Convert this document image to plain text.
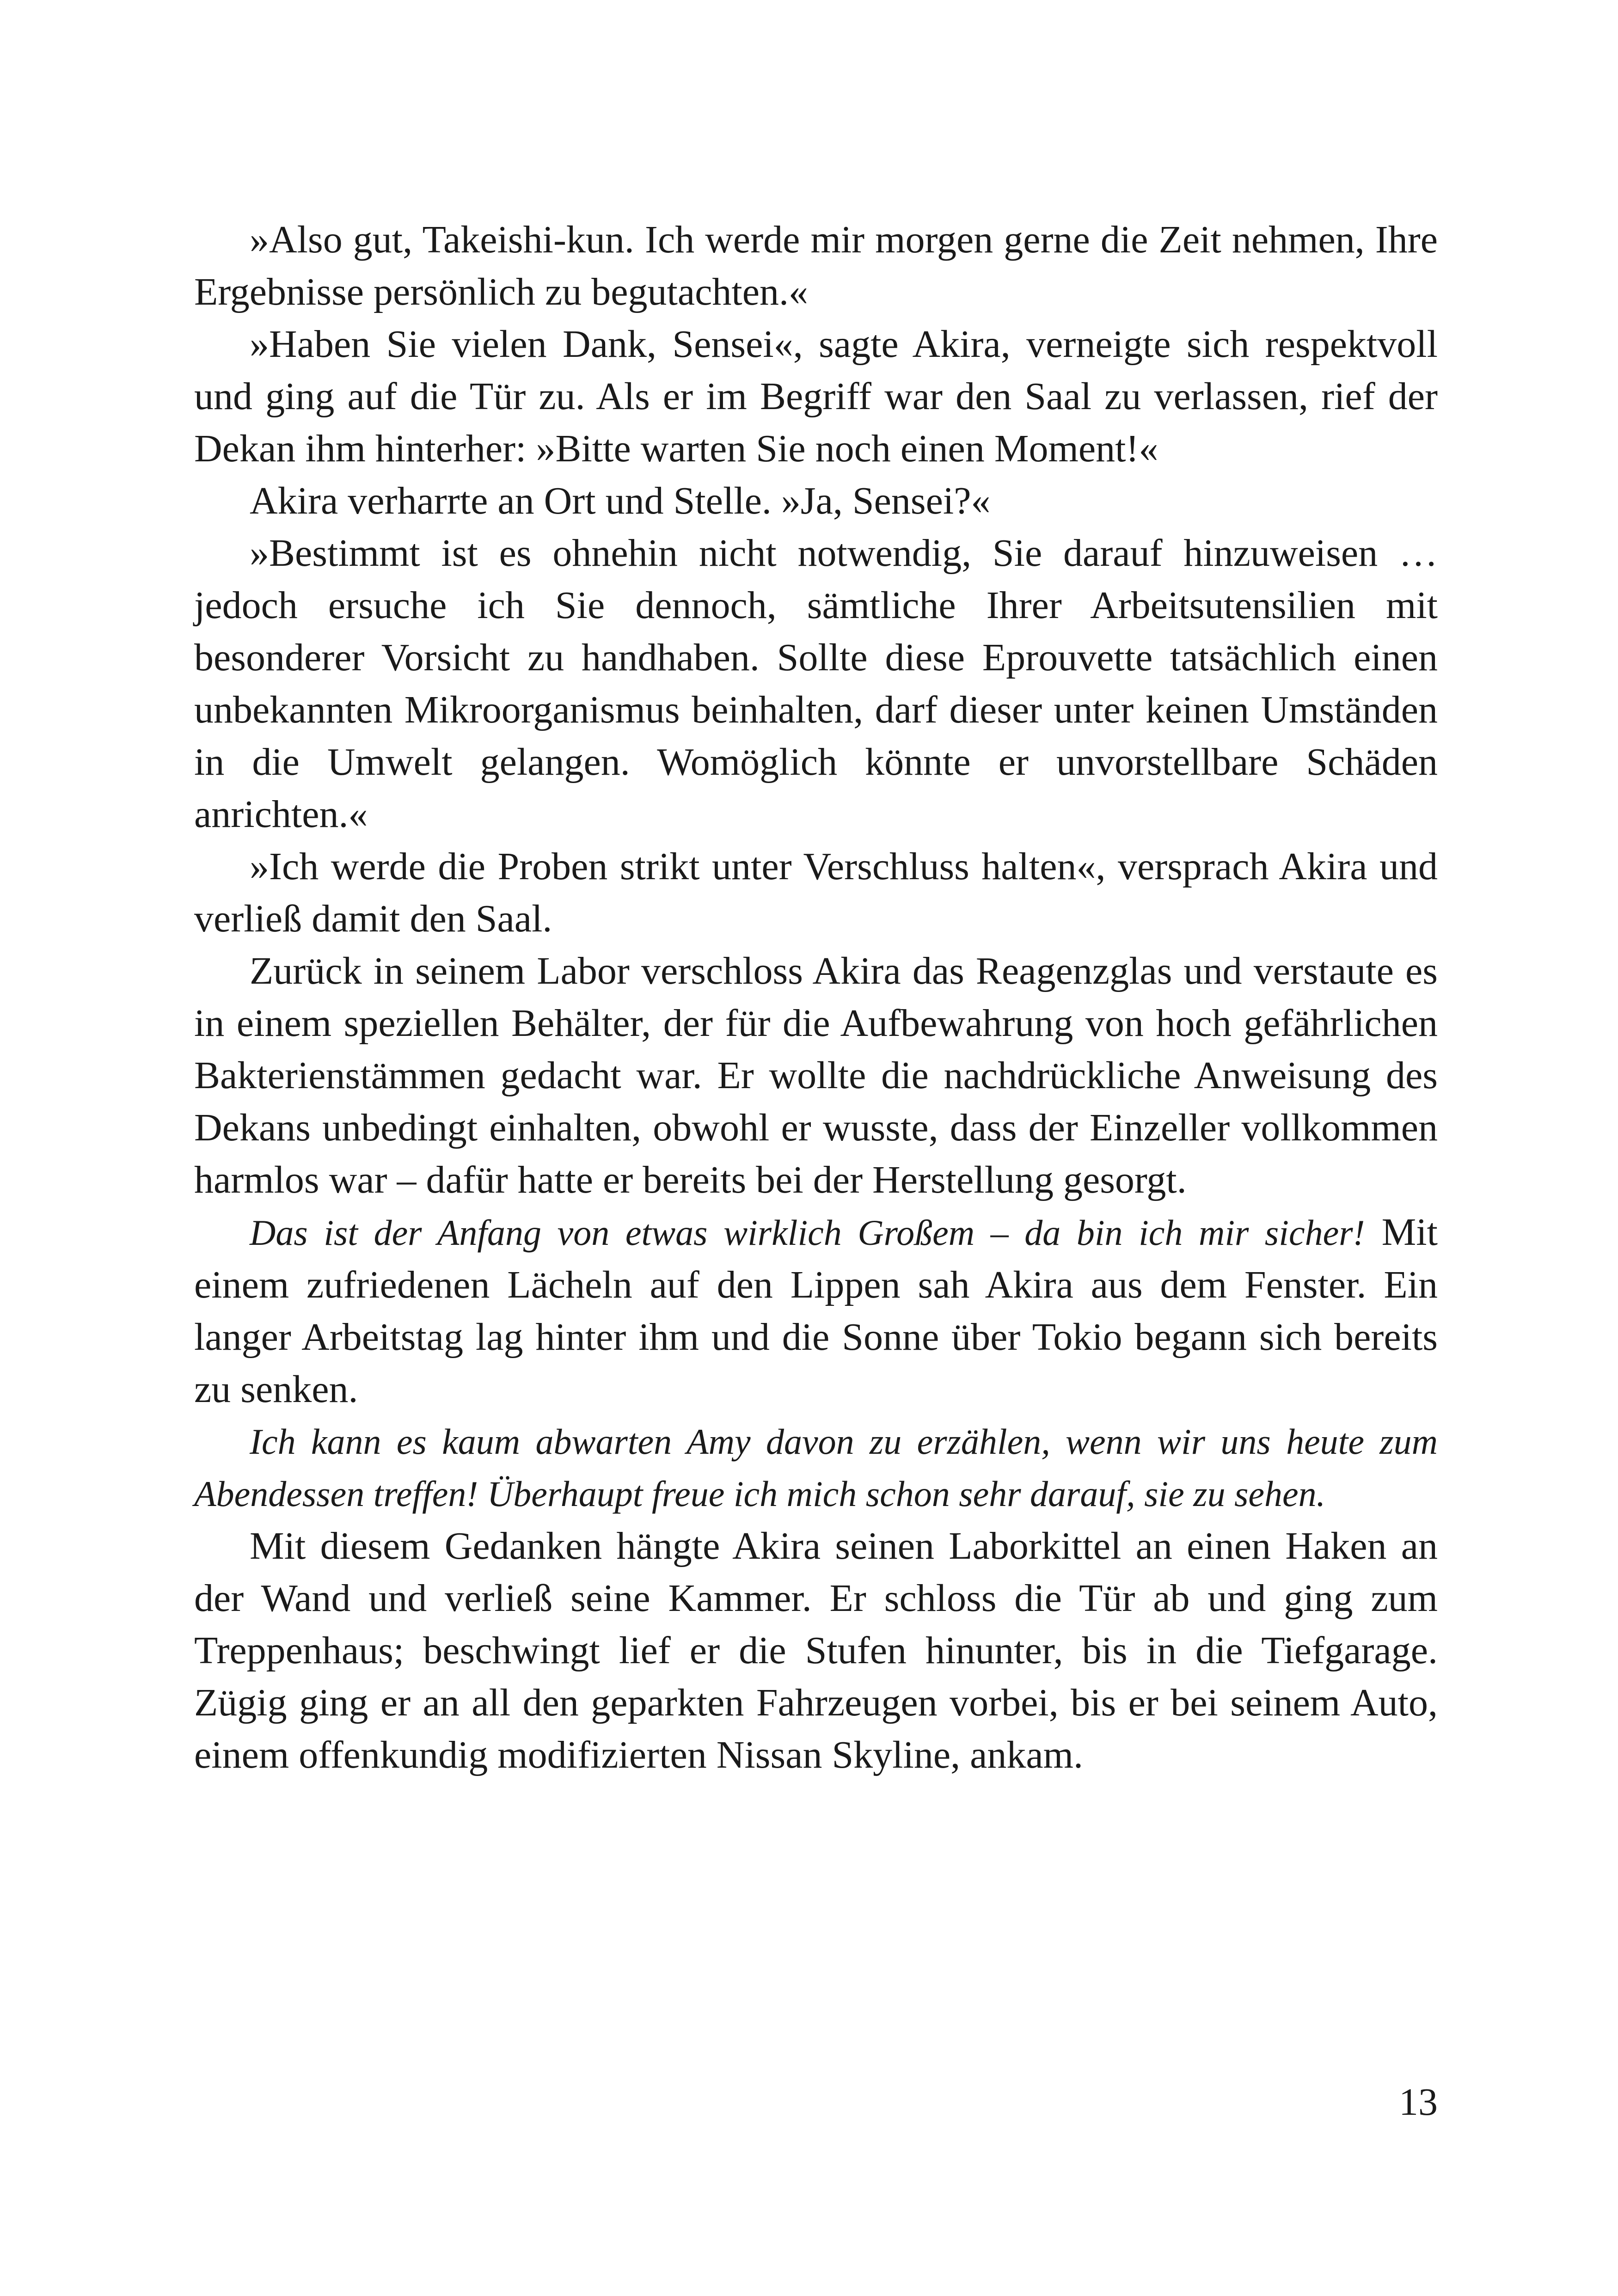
»Also gut, Takeishi-kun. Ich werde mir morgen gerne die Zeit nehmen, Ihre Ergebnisse persönlich zu begutachten.«

»Haben Sie vielen Dank, Sensei«, sagte Akira, verneigte sich respektvoll und ging auf die Tür zu. Als er im Begriff war den Saal zu verlassen, rief der Dekan ihm hinterher: »Bitte warten Sie noch einen Moment!«

Akira verharrte an Ort und Stelle. »Ja, Sensei?«

»Bestimmt ist es ohnehin nicht notwendig, Sie darauf hinzuweisen … jedoch ersuche ich Sie dennoch, sämtliche Ihrer Arbeitsutensilien mit besonderer Vorsicht zu handhaben. Sollte diese Eprouvette tatsächlich einen unbekannten Mikroorganismus beinhalten, darf dieser unter keinen Umständen in die Umwelt gelangen. Womöglich könnte er unvorstellbare Schäden anrichten.«

»Ich werde die Proben strikt unter Verschluss halten«, versprach Akira und verließ damit den Saal.

Zurück in seinem Labor verschloss Akira das Reagenzglas und verstaute es in einem speziellen Behälter, der für die Aufbewahrung von hoch gefährlichen Bakterienstämmen gedacht war. Er wollte die nachdrückliche Anweisung des Dekans unbedingt einhalten, obwohl er wusste, dass der Einzeller vollkommen harmlos war – dafür hatte er bereits bei der Herstellung gesorgt.

Das ist der Anfang von etwas wirklich Großem – da bin ich mir sicher! Mit einem zufriedenen Lächeln auf den Lippen sah Akira aus dem Fenster. Ein langer Arbeitstag lag hinter ihm und die Sonne über Tokio begann sich bereits zu senken.

Ich kann es kaum abwarten Amy davon zu erzählen, wenn wir uns heute zum Abendessen treffen! Überhaupt freue ich mich schon sehr darauf, sie zu sehen.

Mit diesem Gedanken hängte Akira seinen Laborkittel an einen Haken an der Wand und verließ seine Kammer. Er schloss die Tür ab und ging zum Treppenhaus; beschwingt lief er die Stufen hinunter, bis in die Tiefgarage. Zügig ging er an all den geparkten Fahrzeugen vorbei, bis er bei seinem Auto, einem offenkundig modifizierten Nissan Skyline, ankam.

13
